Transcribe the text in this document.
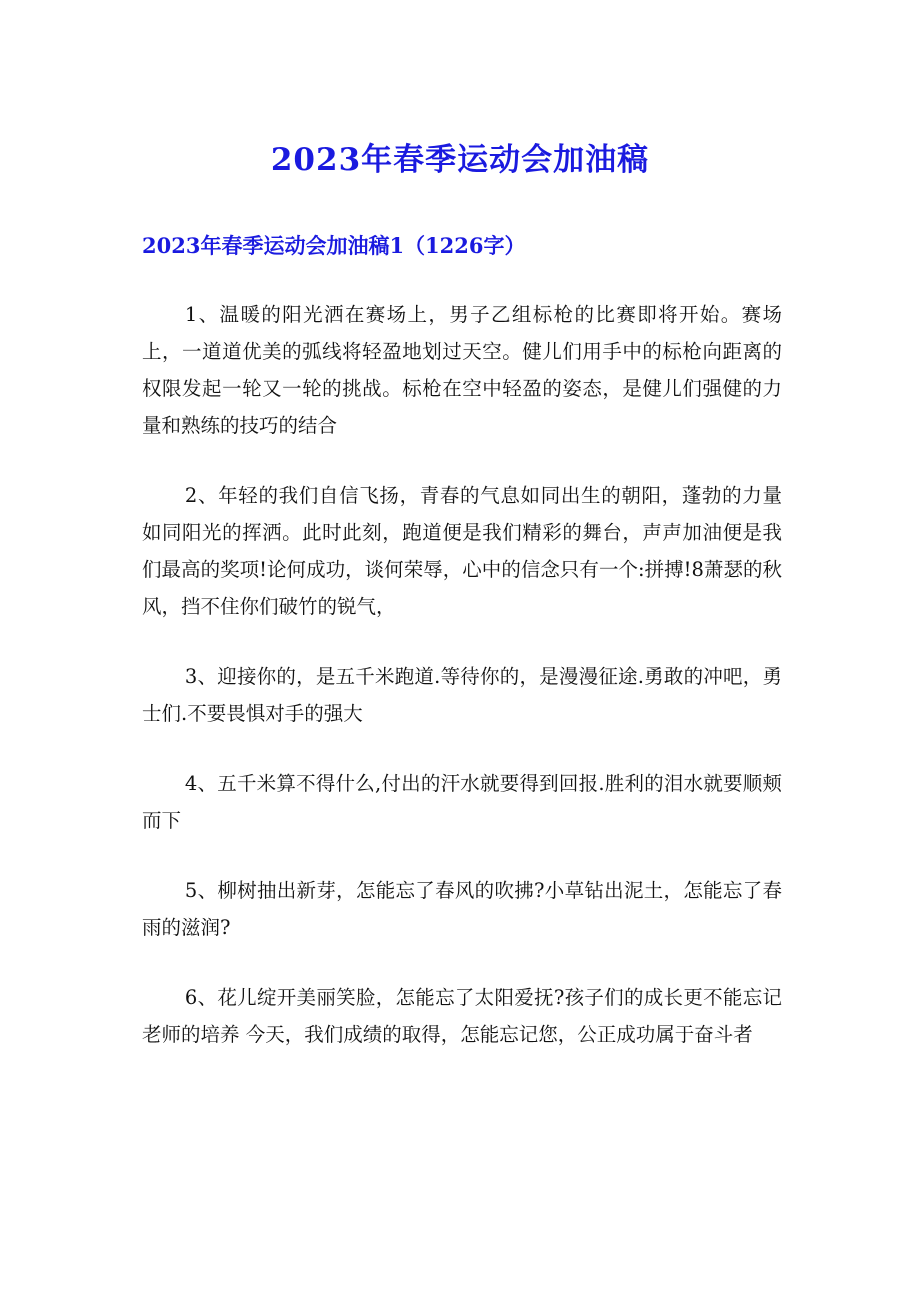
2023年春季运动会加油稿
2023年春季运动会加油稿1（1226字）

1、温暖的阳光洒在赛场上，男子乙组标枪的比赛即将开始。赛场上，一道道优美的弧线将轻盈地划过天空。健儿们用手中的标枪向距离的权限发起一轮又一轮的挑战。标枪在空中轻盈的姿态，是健儿们强健的力量和熟练的技巧的结合

2、年轻的我们自信飞扬，青春的气息如同出生的朝阳，蓬勃的力量如同阳光的挥洒。此时此刻，跑道便是我们精彩的舞台，声声加油便是我们最高的奖项!论何成功，谈何荣辱，心中的信念只有一个:拼搏!8萧瑟的秋风，挡不住你们破竹的锐气，

3、迎接你的，是五千米跑道.等待你的，是漫漫征途.勇敢的冲吧，勇士们.不要畏惧对手的强大

4、五千米算不得什么,付出的汗水就要得到回报.胜利的泪水就要顺颊而下

5、柳树抽出新芽，怎能忘了春风的吹拂?小草钻出泥土，怎能忘了春雨的滋润?

6、花儿绽开美丽笑脸，怎能忘了太阳爱抚?孩子们的成长更不能忘记老师的培养 今天，我们成绩的取得，怎能忘记您，公正成功属于奋斗者
